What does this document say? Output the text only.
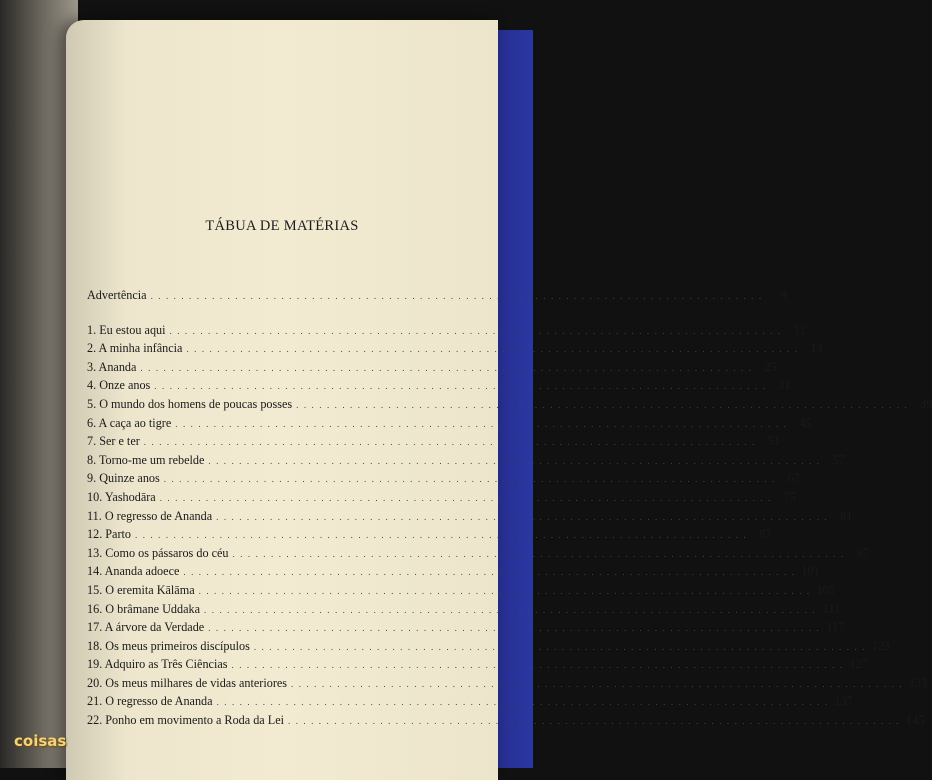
TÁBUA DE MATÉRIAS
Advertência . . . . . . . . . . . . . . . . . . . . . . . . . . . . . . . . . . . . . . . . . . . . . . . . . . . . . . . . . . . . . . . . . . . . . . . . . . . . . . . .	9
1. Eu estou aqui . . . . . . . . . . . . . . . . . . . . . . . . . . . . . . . . . . . . . . . . . . . . . . . . . . . . . . . . . . . . . . . . . . . . . . . . . . . . . . . .	11
2. A minha infância . . . . . . . . . . . . . . . . . . . . . . . . . . . . . . . . . . . . . . . . . . . . . . . . . . . . . . . . . . . . . . . . . . . . . . . . . . . . . . . . 13
3. Ananda . . . . . . . . . . . . . . . . . . . . . . . . . . . . . . . . . . . . . . . . . . . . . . . . . . . . . . . . . . . . . . . . . . . . . . . . . . . . . . . . 25
4. Onze anos . . . . . . . . . . . . . . . . . . . . . . . . . . . . . . . . . . . . . . . . . . . . . . . . . . . . . . . . . . . . . . . . . . . . . . . . . . . . . . . . 31
5. O mundo dos homens de poucas posses . . . . . . . . . . . . . . . . . . . . . . . . . . . . . . . . . . . . . . . . . . . . . . . . . . . . . . . . . . . . . . . . . . . . . . . . . . . . . . . . 39
6. A caça ao tigre . . . . . . . . . . . . . . . . . . . . . . . . . . . . . . . . . . . . . . . . . . . . . . . . . . . . . . . . . . . . . . . . . . . . . . . . . . . . . . . . 45
7. Ser e ter . . . . . . . . . . . . . . . . . . . . . . . . . . . . . . . . . . . . . . . . . . . . . . . . . . . . . . . . . . . . . . . . . . . . . . . . . . . . . . . . 51
8. Torno-me um rebelde . . . . . . . . . . . . . . . . . . . . . . . . . . . . . . . . . . . . . . . . . . . . . . . . . . . . . . . . . . . . . . . . . . . . . . . . . . . . . . . . 57
9. Quinze anos . . . . . . . . . . . . . . . . . . . . . . . . . . . . . . . . . . . . . . . . . . . . . . . . . . . . . . . . . . . . . . . . . . . . . . . . . . . . . . . . 67
10. Yashodāra . . . . . . . . . . . . . . . . . . . . . . . . . . . . . . . . . . . . . . . . . . . . . . . . . . . . . . . . . . . . . . . . . . . . . . . . . . . . . . . . 75
11. O regresso de Ananda . . . . . . . . . . . . . . . . . . . . . . . . . . . . . . . . . . . . . . . . . . . . . . . . . . . . . . . . . . . . . . . . . . . . . . . . . . . . . . . . 81
12. Parto . . . . . . . . . . . . . . . . . . . . . . . . . . . . . . . . . . . . . . . . . . . . . . . . . . . . . . . . . . . . . . . . . . . . . . . . . . . . . . . . 87
13. Como os pássaros do céu . . . . . . . . . . . . . . . . . . . . . . . . . . . . . . . . . . . . . . . . . . . . . . . . . . . . . . . . . . . . . . . . . . . . . . . . . . . . . . . . 97
14. Ananda adoece . . . . . . . . . . . . . . . . . . . . . . . . . . . . . . . . . . . . . . . . . . . . . . . . . . . . . . . . . . . . . . . . . . . . . . . . . . . . . . . . 101
15. O eremita Kālāma . . . . . . . . . . . . . . . . . . . . . . . . . . . . . . . . . . . . . . . . . . . . . . . . . . . . . . . . . . . . . . . . . . . . . . . . . . . . . . . . 105
16. O brâmane Uddaka . . . . . . . . . . . . . . . . . . . . . . . . . . . . . . . . . . . . . . . . . . . . . . . . . . . . . . . . . . . . . . . . . . . . . . . . . . . . . . . . 111
17. A árvore da Verdade . . . . . . . . . . . . . . . . . . . . . . . . . . . . . . . . . . . . . . . . . . . . . . . . . . . . . . . . . . . . . . . . . . . . . . . . . . . . . . . . 117
18. Os meus primeiros discípulos . . . . . . . . . . . . . . . . . . . . . . . . . . . . . . . . . . . . . . . . . . . . . . . . . . . . . . . . . . . . . . . . . . . . . . . . . . . . . . . . 123
19. Adquiro as Três Ciências . . . . . . . . . . . . . . . . . . . . . . . . . . . . . . . . . . . . . . . . . . . . . . . . . . . . . . . . . . . . . . . . . . . . . . . . . . . . . . . . 127
20. Os meus milhares de vidas anteriores . . . . . . . . . . . . . . . . . . . . . . . . . . . . . . . . . . . . . . . . . . . . . . . . . . . . . . . . . . . . . . . . . . . . . . . . . . . . . . . . 133
21. O regresso de Ananda . . . . . . . . . . . . . . . . . . . . . . . . . . . . . . . . . . . . . . . . . . . . . . . . . . . . . . . . . . . . . . . . . . . . . . . . . . . . . . . . 137
22. Ponho em movimento a Roda da Lei . . . . . . . . . . . . . . . . . . . . . . . . . . . . . . . . . . . . . . . . . . . . . . . . . . . . . . . . . . . . . . . . . . . . . . . . . . . . . . . . 145
coisas
